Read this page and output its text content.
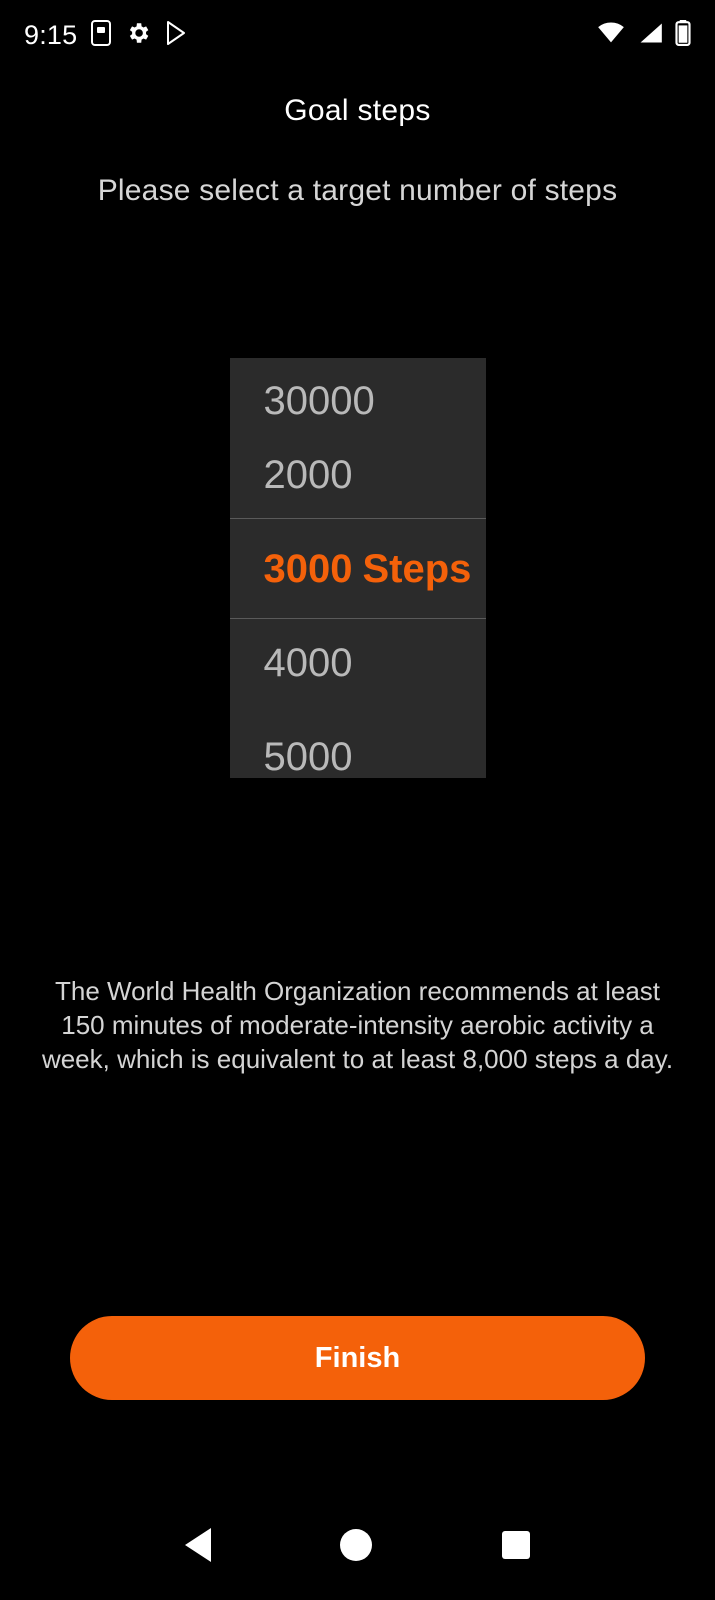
9:15
Goal steps
Please select a target number of steps
30000
2000
3000 Steps
4000
5000
The World Health Organization recommends at least 150 minutes of moderate-intensity aerobic activity a week, which is equivalent to at least 8,000 steps a day.
Finish
